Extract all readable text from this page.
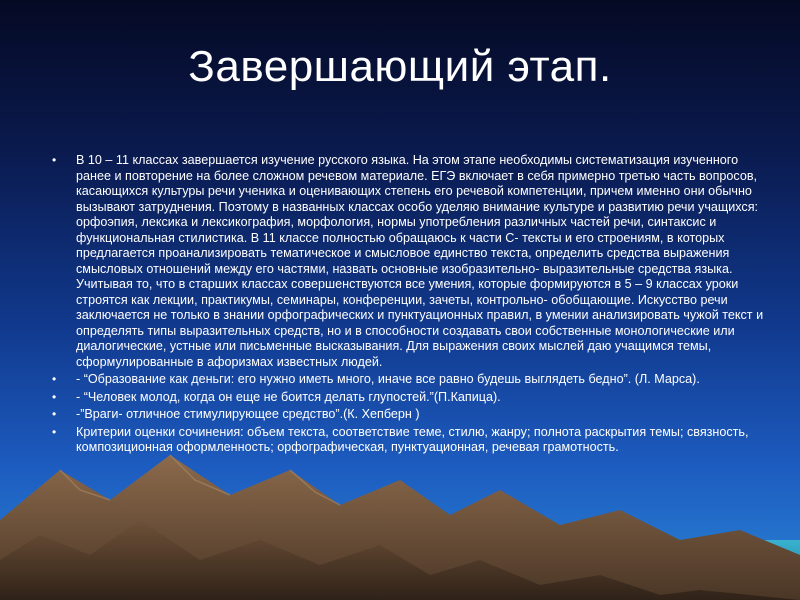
Завершающий этап.
•	В 10 – 11 классах завершается изучение русского языка. На этом этапе необходимы систематизация изученного ранее и повторение на более сложном речевом материале. ЕГЭ включает в себя примерно третью часть вопросов, касающихся культуры речи ученика и оценивающих степень его речевой компетенции, причем именно они обычно вызывают затруднения. Поэтому в названных классах особо уделяю внимание культуре и развитию речи учащихся: орфоэпия, лексика и лексикография, морфология, нормы употребления различных частей речи, синтаксис и функциональная стилистика. В 11 классе полностью обращаюсь к части С- тексты и его строениям, в которых предлагается проанализировать тематическое и смысловое единство текста, определить средства выражения смысловых отношений между его частями, назвать основные изобразительно- выразительные средства языка. Учитывая то, что в старших классах совершенствуются все умения, которые формируются в 5 – 9 классах уроки строятся как лекции, практикумы, семинары, конференции, зачеты, контрольно- обобщающие. Искусство речи заключается не только в знании орфографических и пунктуационных правил, в умении анализировать чужой текст и определять типы выразительных средств, но и в способности создавать свои собственные монологические или диалогические, устные или письменные высказывания. Для выражения своих мыслей даю учащимся темы, сформулированные в афоризмах известных людей.
•	- “Образование как деньги: его нужно иметь много, иначе все равно будешь выглядеть бедно”. (Л. Марса).
•	- “Человек молод, когда он еще не боится делать глупостей.”(П.Капица).
•	-”Враги- отличное стимулирующее средство”.(К. Хепберн )
•	Критерии оценки сочинения: объем текста, соответствие теме, стилю, жанру; полнота раскрытия темы; связность, композиционная оформленность; орфографическая, пунктуационная, речевая грамотность.
